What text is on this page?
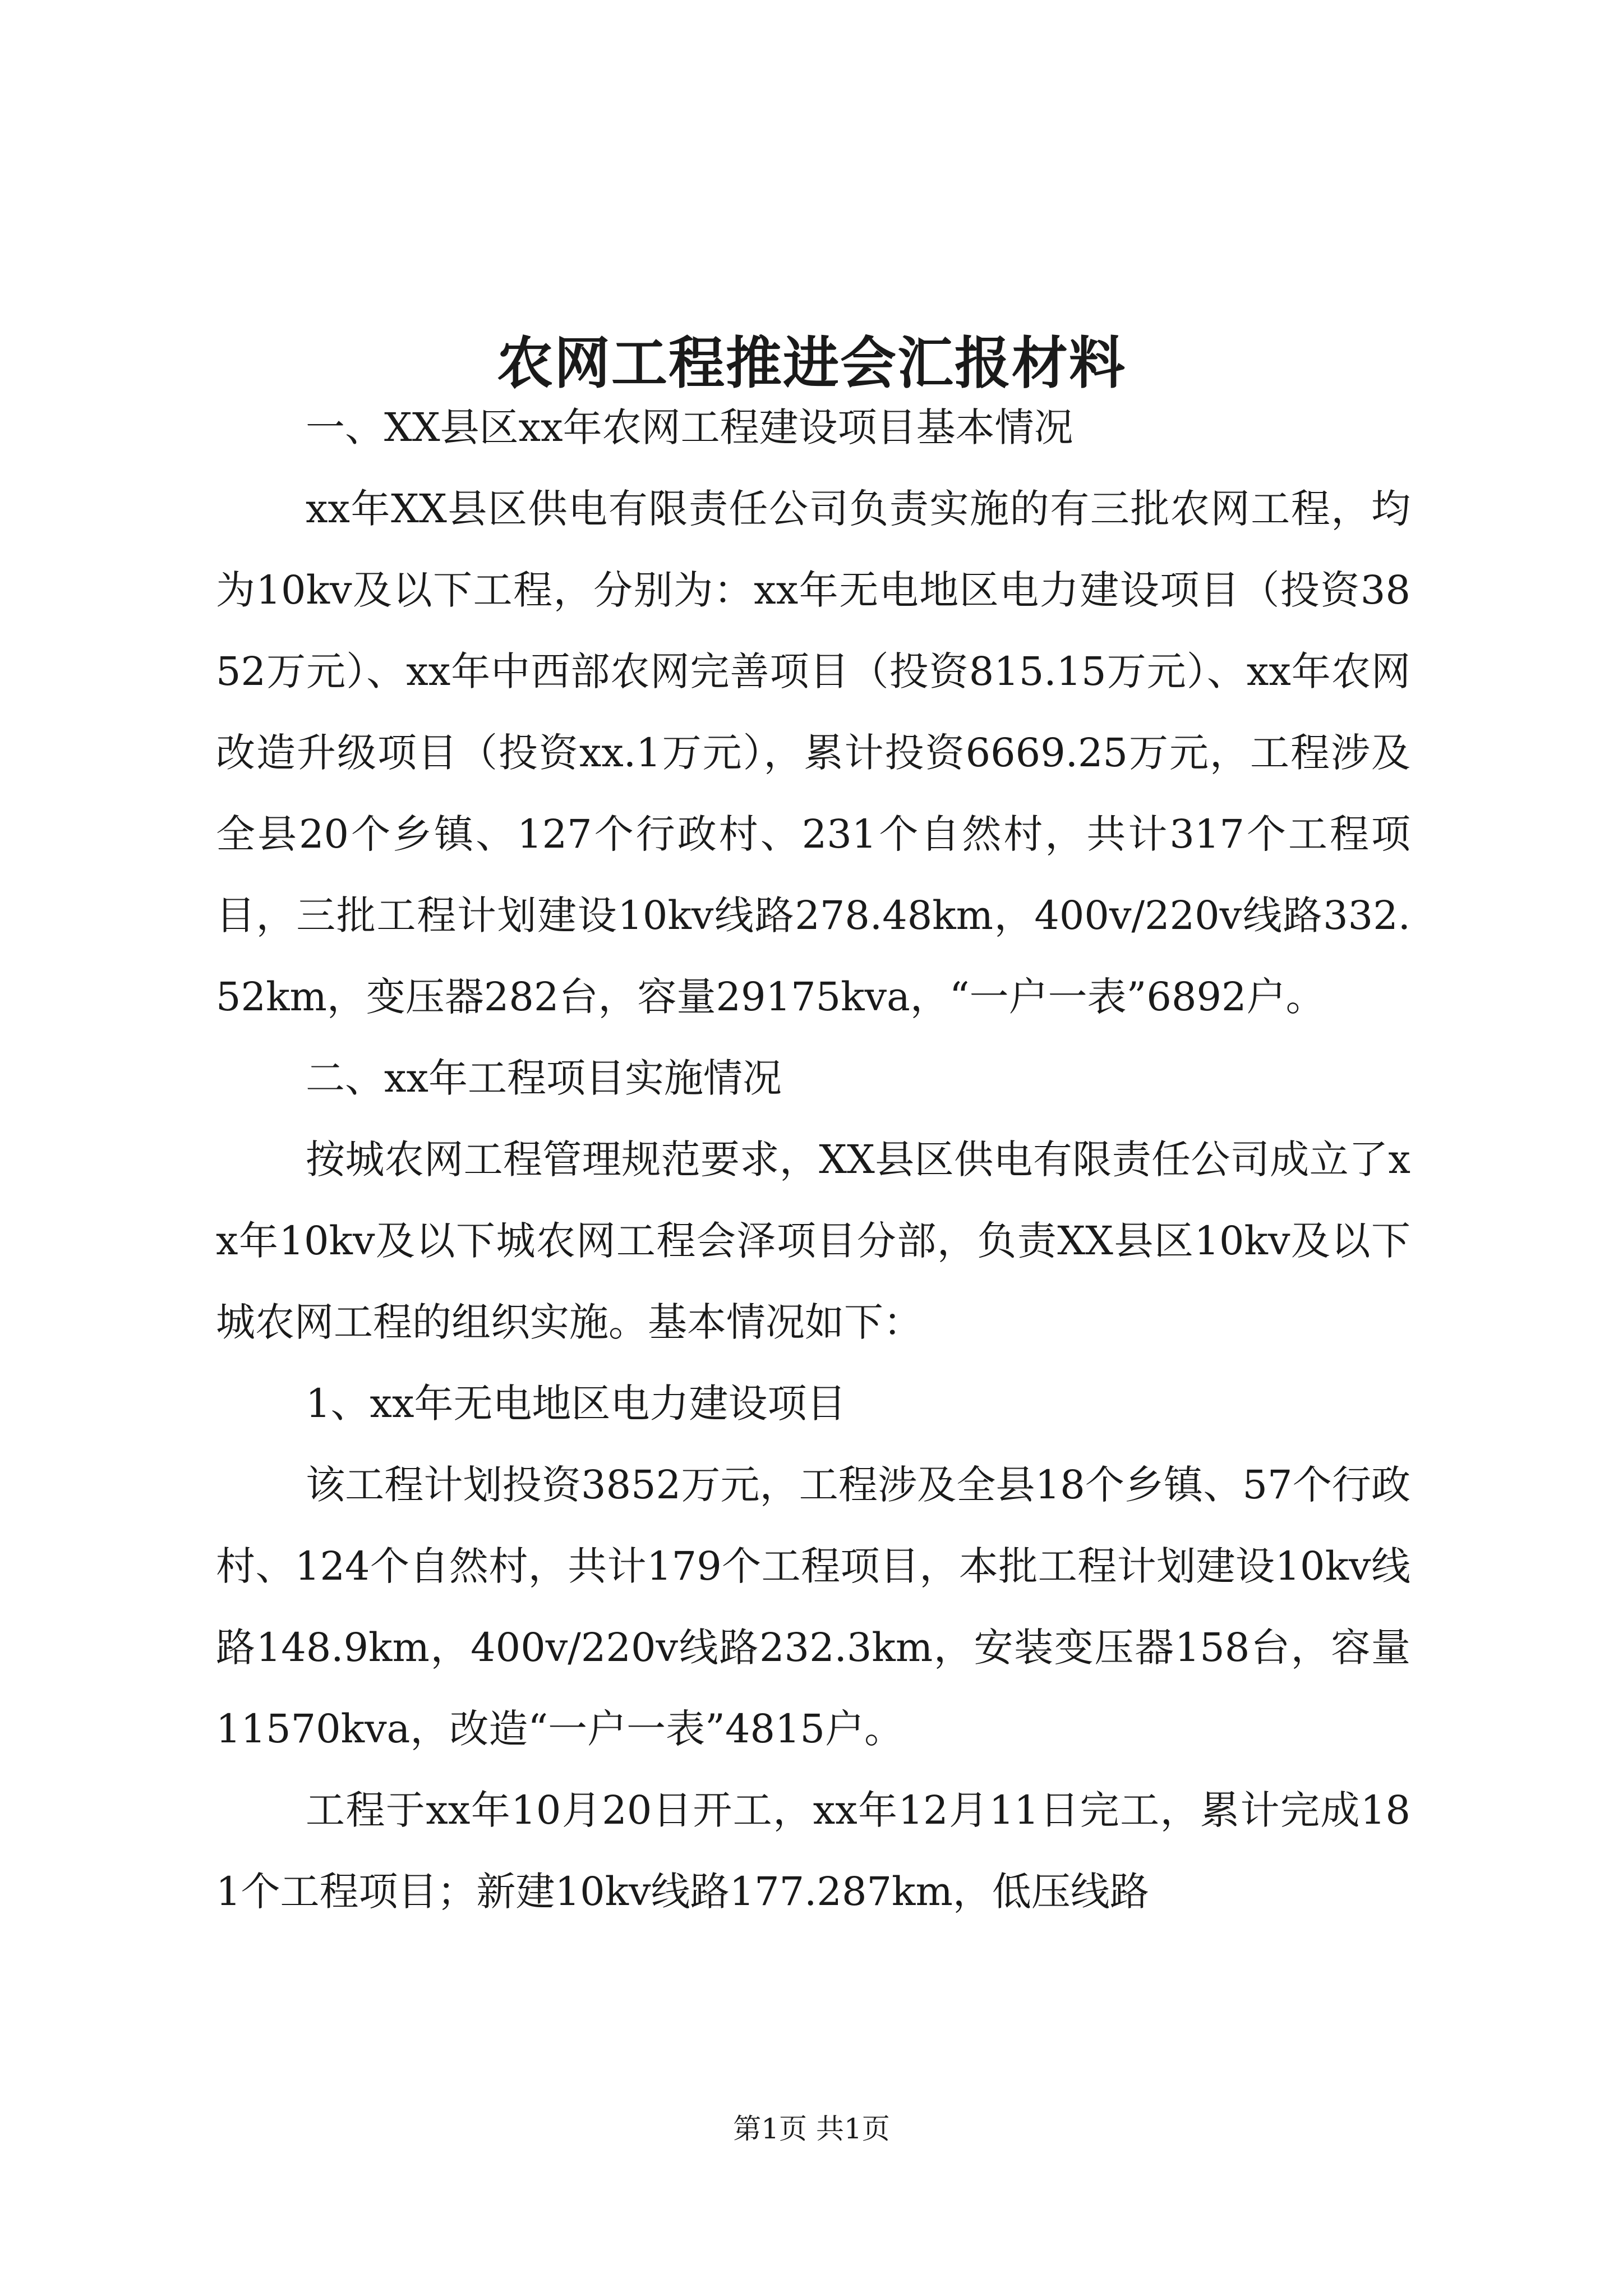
农网工程推进会汇报材料

一、XX县区xx年农网工程建设项目基本情况

xx年XX县区供电有限责任公司负责实施的有三批农网工程，均为10kv及以下工程，分别为：xx年无电地区电力建设项目（投资3852万元）、xx年中西部农网完善项目（投资815.15万元）、xx年农网改造升级项目（投资xx.1万元），累计投资6669.25万元，工程涉及全县20个乡镇、127个行政村、231个自然村，共计317个工程项目，三批工程计划建设10kv线路278.48km，400v/220v线路332.52km，变压器282台，容量29175kva，“一户一表”6892户。

二、xx年工程项目实施情况

按城农网工程管理规范要求，XX县区供电有限责任公司成立了xx年10kv及以下城农网工程会泽项目分部，负责XX县区10kv及以下城农网工程的组织实施。基本情况如下：

1、xx年无电地区电力建设项目

该工程计划投资3852万元，工程涉及全县18个乡镇、57个行政村、124个自然村，共计179个工程项目，本批工程计划建设10kv线路148.9km，400v/220v线路232.3km，安装变压器158台，容量11570kva，改造“一户一表”4815户。

工程于xx年10月20日开工，xx年12月11日完工，累计完成181个工程项目；新建10kv线路177.287km，低压线路

第1页 共1页
